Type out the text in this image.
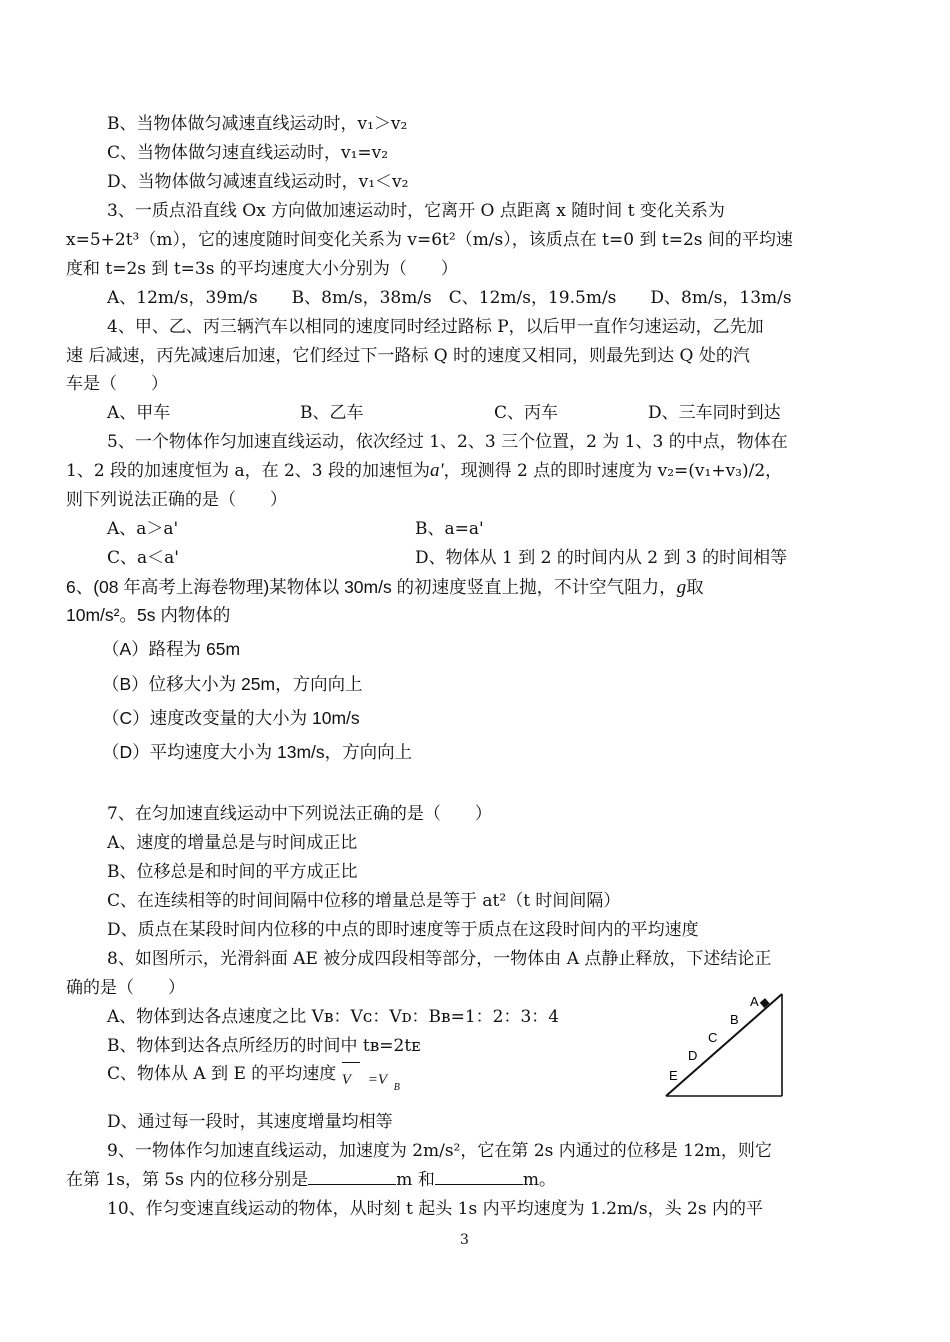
B、当物体做匀减速直线运动时，v₁＞v₂
C、当物体做匀速直线运动时，v₁=v₂
D、当物体做匀减速直线运动时，v₁＜v₂
3、一质点沿直线 Ox 方向做加速运动时，它离开 O 点距离 x 随时间 t 变化关系为
x=5+2t³（m），它的速度随时间变化关系为 v=6t²（m/s），该质点在 t=0 到 t=2s 间的平均速
度和 t=2s 到 t=3s 的平均速度大小分别为（　　）
A、12m/s，39m/s　　B、8m/s，38m/s　C、12m/s，19.5m/s　　D、8m/s，13m/s
4、甲、乙、丙三辆汽车以相同的速度同时经过路标 P，以后甲一直作匀速运动，乙先加
速 后减速，丙先减速后加速，它们经过下一路标 Q 时的速度又相同，则最先到达 Q 处的汽
车是（　　）
A、甲车	B、乙车	C、丙车	D、三车同时到达
5、一个物体作匀加速直线运动，依次经过 1、2、3 三个位置，2 为 1、3 的中点，物体在
1、2 段的加速度恒为 a，在 2、3 段的加速恒为a'，现测得 2 点的即时速度为 v₂=(v₁+v₃)/2，
则下列说法正确的是（　　）
A、a＞a'	B、a=a'
C、a＜a'	D、物体从 1 到 2 的时间内从 2 到 3 的时间相等
6、(08 年高考上海卷物理)某物体以 30m/s 的初速度竖直上抛，不计空气阻力，g取
10m/s²。5s 内物体的
（A）路程为 65m
（B）位移大小为 25m，方向向上
（C）速度改变量的大小为 10m/s
（D）平均速度大小为 13m/s，方向向上
7、在匀加速直线运动中下列说法正确的是（　　）
A、速度的增量总是与时间成正比
B、位移总是和时间的平方成正比
C、在连续相等的时间间隔中位移的增量总是等于 at²（t 时间间隔）
D、质点在某段时间内位移的中点的即时速度等于质点在这段时间内的平均速度
8、如图所示，光滑斜面 AE 被分成四段相等部分，一物体由 A 点静止释放，下述结论正
确的是（　　）
A、物体到达各点速度之比 Vʙ：Vᴄ：Vᴅ：Bʙ=1：2：3：4
B、物体到达各点所经历的时间中 tʙ=2tᴇ
C、物体从 A 到 E 的平均速度 V =V B
D、通过每一段时，其速度增量均相等
9、一物体作匀加速直线运动，加速度为 2m/s²，它在第 2s 内通过的位移是 12m，则它
在第 1s，第 5s 内的位移分别是	m 和	m。
10、作匀变速直线运动的物体，从时刻 t 起头 1s 内平均速度为 1.2m/s，头 2s 内的平
A
B
C
D
E
3
